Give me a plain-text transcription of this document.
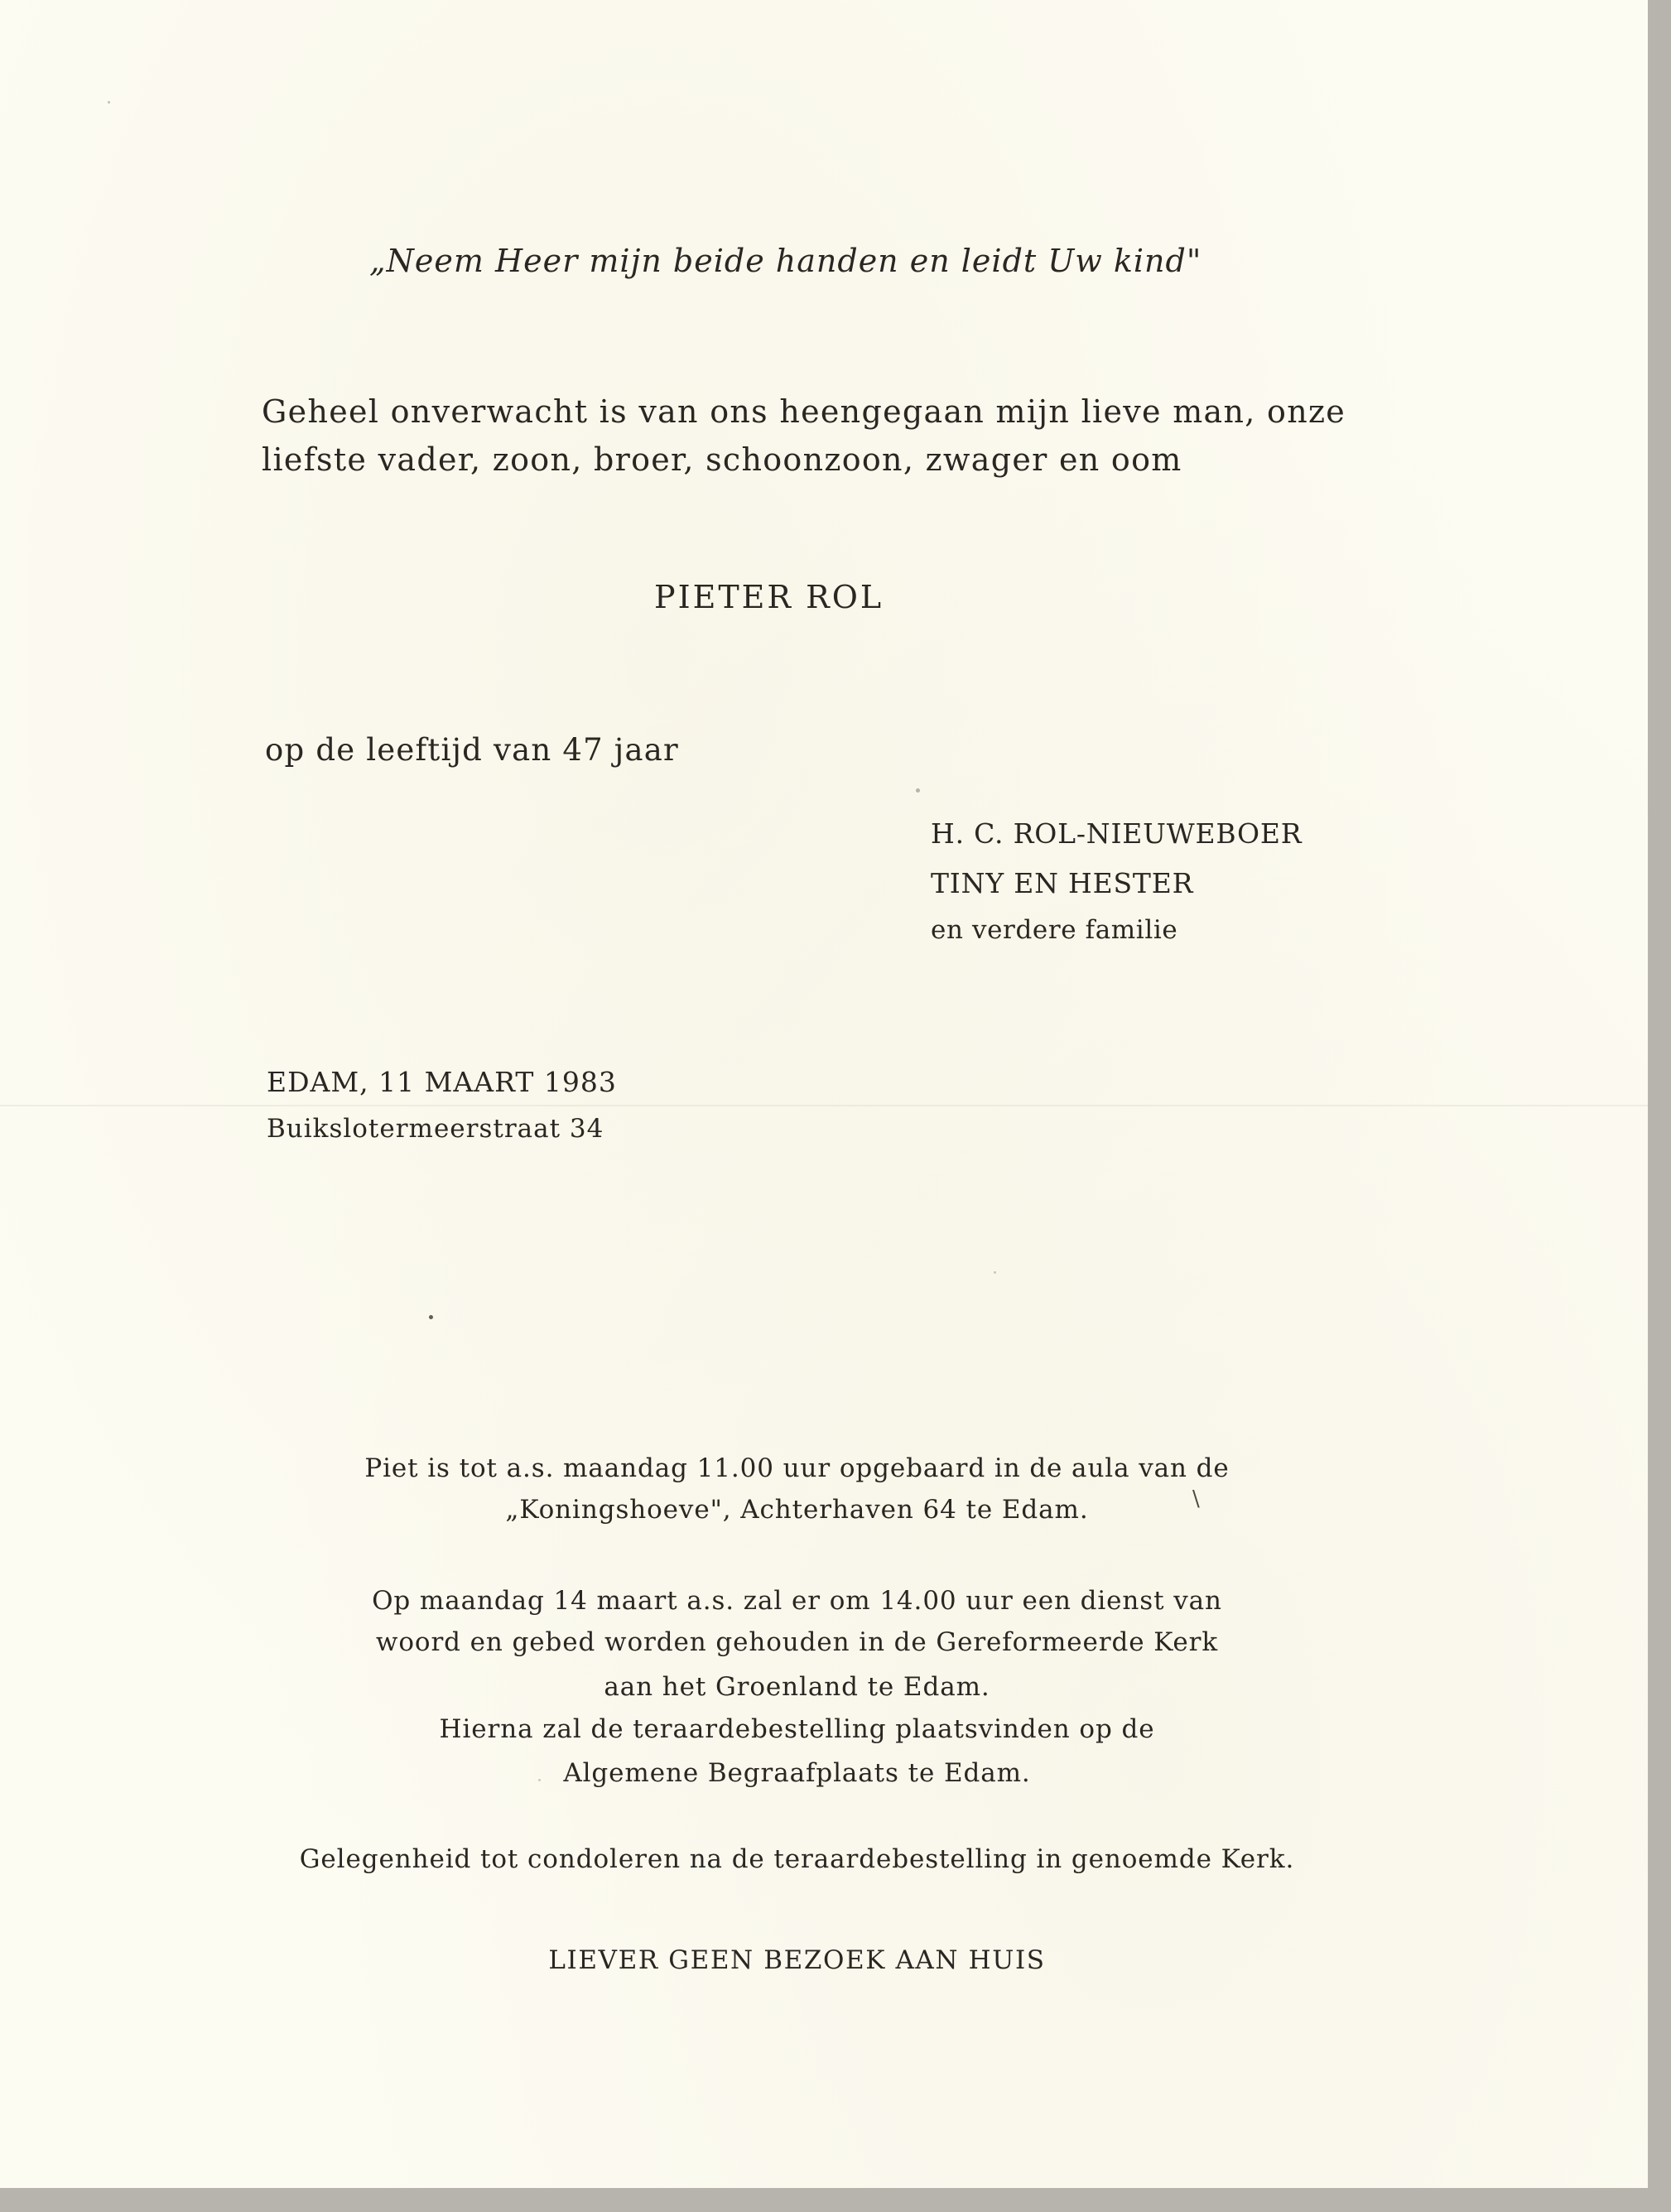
\

„Neem Heer mijn beide handen en leidt Uw kind"

Geheel onverwacht is van ons heengegaan mijn lieve man, onze

liefste vader, zoon, broer, schoonzoon, zwager en oom

PIETER ROL

op de leeftijd van 47 jaar

H. C. ROL-NIEUWEBOER

TINY EN HESTER

en verdere familie

EDAM, 11 MAART 1983

Buikslotermeerstraat 34

Piet is tot a.s. maandag 11.00 uur opgebaard in de aula van de

„Koningshoeve", Achterhaven 64 te Edam.

Op maandag 14 maart a.s. zal er om 14.00 uur een dienst van

woord en gebed worden gehouden in de Gereformeerde Kerk

aan het Groenland te Edam.

Hierna zal de teraardebestelling plaatsvinden op de

Algemene Begraafplaats te Edam.

Gelegenheid tot condoleren na de teraardebestelling in genoemde Kerk.

LIEVER GEEN BEZOEK AAN HUIS
